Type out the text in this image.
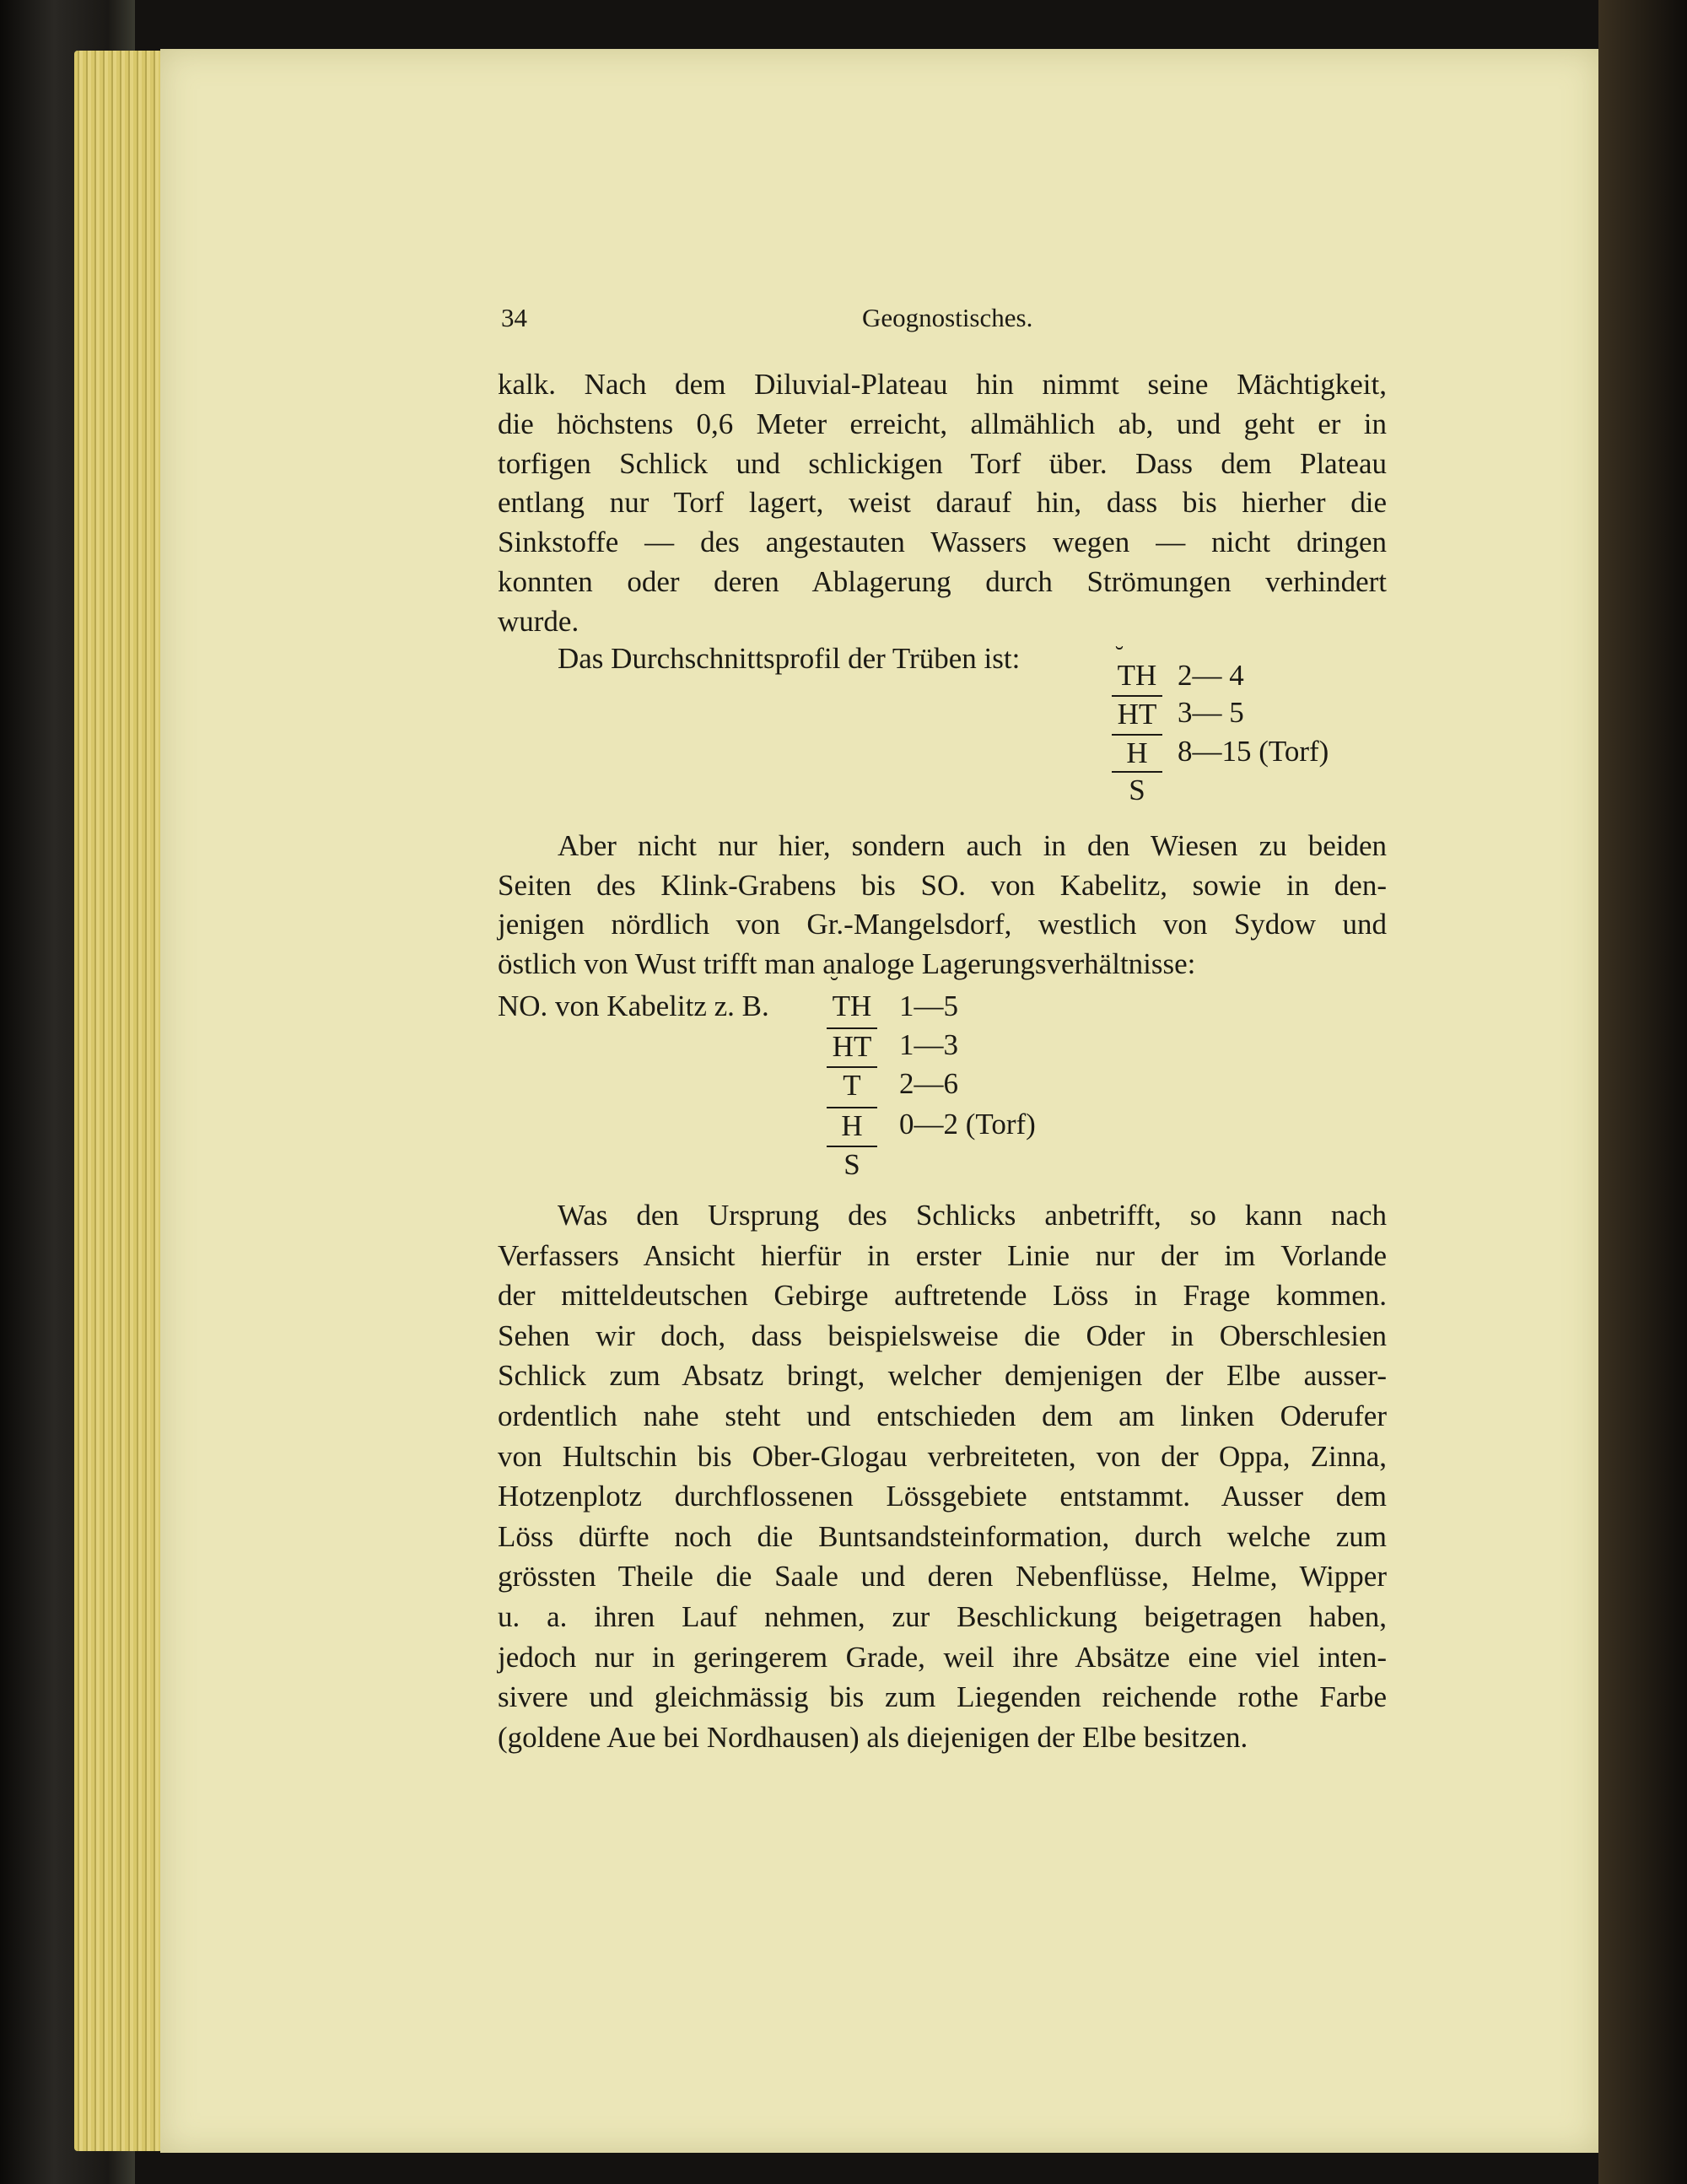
34	Geognostisches.
kalk. Nach dem Diluvial-Plateau hin nimmt seine Mächtigkeit,
die höchstens 0,6 Meter erreicht, allmählich ab, und geht er in
torfigen Schlick und schlickigen Torf über. Dass dem Plateau
entlang nur Torf lagert, weist darauf hin, dass bis hierher die
Sinkstoffe — des angestauten Wassers wegen — nicht dringen
konnten oder deren Ablagerung durch Strömungen verhindert
wurde.
Aber nicht nur hier, sondern auch in den Wiesen zu beiden
Seiten des Klink-Grabens bis SO. von Kabelitz, sowie in den-
jenigen nördlich von Gr.-Mangelsdorf, westlich von Sydow und
östlich von Wust trifft man analoge Lagerungsverhältnisse:
Was den Ursprung des Schlicks anbetrifft, so kann nach
Verfassers Ansicht hierfür in erster Linie nur der im Vorlande
der mitteldeutschen Gebirge auftretende Löss in Frage kommen.
Sehen wir doch, dass beispielsweise die Oder in Oberschlesien
Schlick zum Absatz bringt, welcher demjenigen der Elbe ausser-
ordentlich nahe steht und entschieden dem am linken Oderufer
von Hultschin bis Ober-Glogau verbreiteten, von der Oppa, Zinna,
Hotzenplotz durchflossenen Lössgebiete entstammt. Ausser dem
Löss dürfte noch die Buntsandsteinformation, durch welche zum
grössten Theile die Saale und deren Nebenflüsse, Helme, Wipper
u. a. ihren Lauf nehmen, zur Beschlickung beigetragen haben,
jedoch nur in geringerem Grade, weil ihre Absätze eine viel inten-
sivere und gleichmässig bis zum Liegenden reichende rothe Farbe
(goldene Aue bei Nordhausen) als diejenigen der Elbe besitzen.
Das Durchschnittsprofil der Trüben ist:
NO. von Kabelitz z. B.
˘ TH 2— 4
HT 3— 5
H	8—15 (Torf)
S
˘ TH 1—5
HT 1—3
T	2—6
H	0—2 (Torf)
S
